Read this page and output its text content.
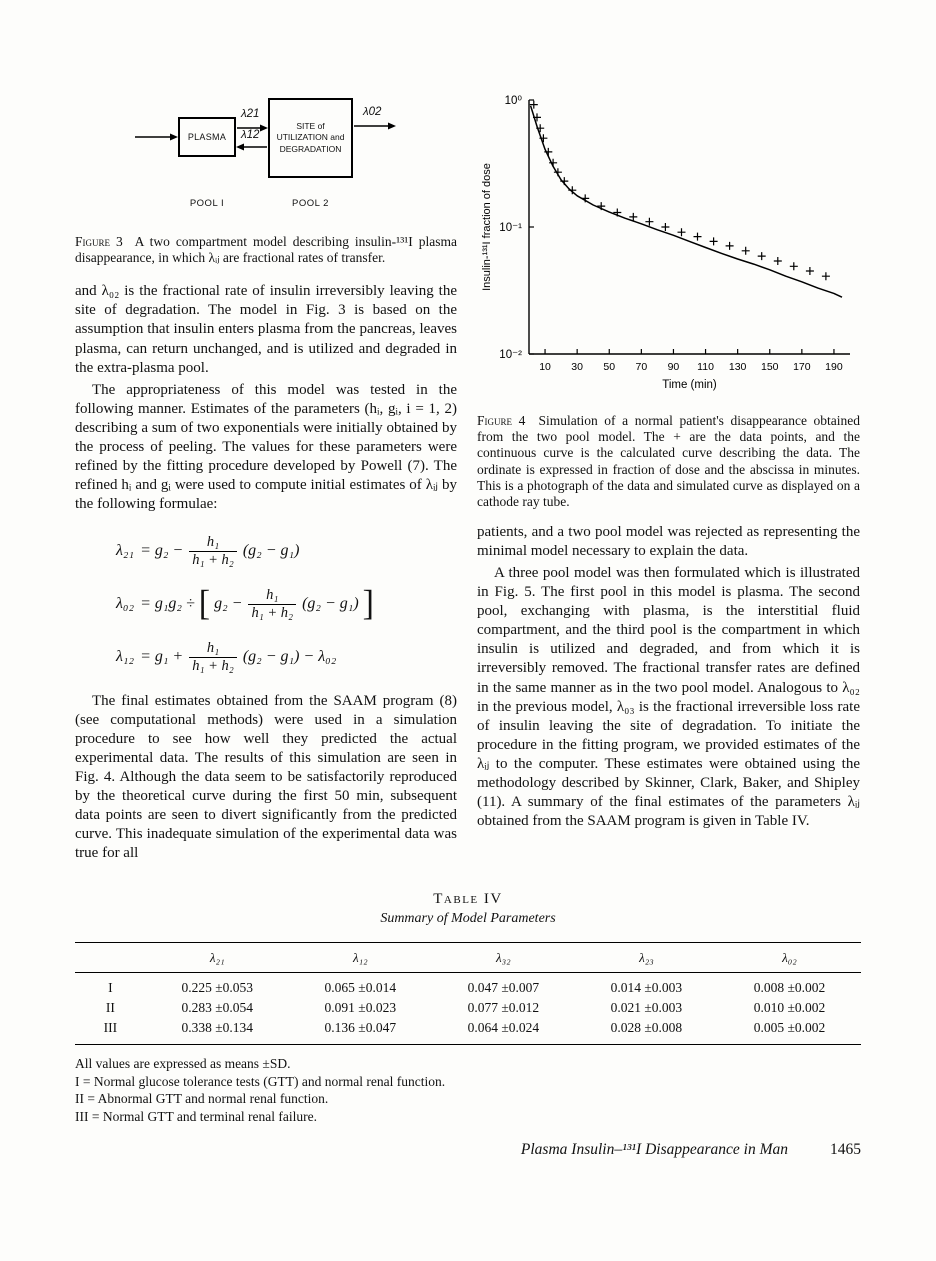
PLASMA
SITE of
UTILIZATION and
DEGRADATION
λ21
λ12
λ02
POOL I	POOL 2

Figure 3 A two compartment model describing insulin-¹³¹I plasma disappearance, in which λᵢⱼ are fractional rates of transfer.

and λ₀₂ is the fractional rate of insulin irreversibly leaving the site of degradation. The model in Fig. 3 is based on the assumption that insulin enters plasma from the pancreas, leaves plasma, can return unchanged, and is utilized and degraded in the extra-plasma pool.

The appropriateness of this model was tested in the following manner. Estimates of the parameters (hᵢ, gᵢ, i = 1, 2) describing a sum of two exponentials were initially obtained by the process of peeling. The values for these parameters were refined by the fitting procedure developed by Powell (7). The refined hᵢ and gᵢ were used to compute initial estimates of λᵢⱼ by the following formulae:

$\lambda_{21} = g_2 - \frac{\text{h₁}}{\text{h₁ + h₂}} (g_2 - g_1)$
λ₀₂ = g₁g₂ ÷ [ $g_2 - \frac{\text{h₁}}{\text{h₁ + h₂}} (g_2 - g_1)$ ]
$\lambda_{12} = g_1 + \frac{\text{h₁}}{\text{h₁ + h₂}} (g_2 - g_1) - \lambda_{02}$

The final estimates obtained from the SAAM program (8) (see computational methods) were used in a simulation procedure to see how well they predicted the actual experimental data. The results of this simulation are seen in Fig. 4. Although the data seem to be satisfactorily reproduced by the theoretical curve during the first 50 min, subsequent data points are seen to divert significantly from the predicted curve. This inadequate simulation of the experimental data was true for all

10⁰
10⁻¹
10⁻²
10 30 50 70 90 110 130 150 170 190
Time (min)
Insulin-¹³¹I fraction of dose

Figure 4 Simulation of a normal patient's disappearance obtained from the two pool model. The + are the data points, and the continuous curve is the calculated curve describing the data. The ordinate is expressed in fraction of dose and the abscissa in minutes. This is a photograph of the data and simulated curve as displayed on a cathode ray tube.

patients, and a two pool model was rejected as representing the minimal model necessary to explain the data.

A three pool model was then formulated which is illustrated in Fig. 5. The first pool in this model is plasma. The second pool, exchanging with plasma, is the interstitial fluid compartment, and the third pool is the compartment in which insulin is utilized and degraded, and from which it is irreversibly removed. The fractional transfer rates are defined in the same manner as in the two pool model. Analogous to λ₀₂ in the previous model, λ₀₃ is the fractional irreversible loss rate of insulin leaving the site of degradation. To initiate the procedure in the fitting program, we provided estimates of the λᵢⱼ to the computer. These estimates were obtained using the methodology described by Skinner, Clark, Baker, and Shipley (11). A summary of the final estimates of the parameters λᵢⱼ obtained from the SAAM program is given in Table IV.

Table IV
Summary of Model Parameters
	λ₂₁	λ₁₂	λ₃₂	λ₂₃	λ₀₂
I	0.225 ±0.053	0.065 ±0.014	0.047 ±0.007	0.014 ±0.003	0.008 ±0.002
II	0.283 ±0.054	0.091 ±0.023	0.077 ±0.012	0.021 ±0.003	0.010 ±0.002
III	0.338 ±0.134	0.136 ±0.047	0.064 ±0.024	0.028 ±0.008	0.005 ±0.002
All values are expressed as means ±SD.
I = Normal glucose tolerance tests (GTT) and normal renal function.
II = Abnormal GTT and normal renal function.
III = Normal GTT and terminal renal failure.
Plasma Insulin–¹³¹I Disappearance in Man	1465
